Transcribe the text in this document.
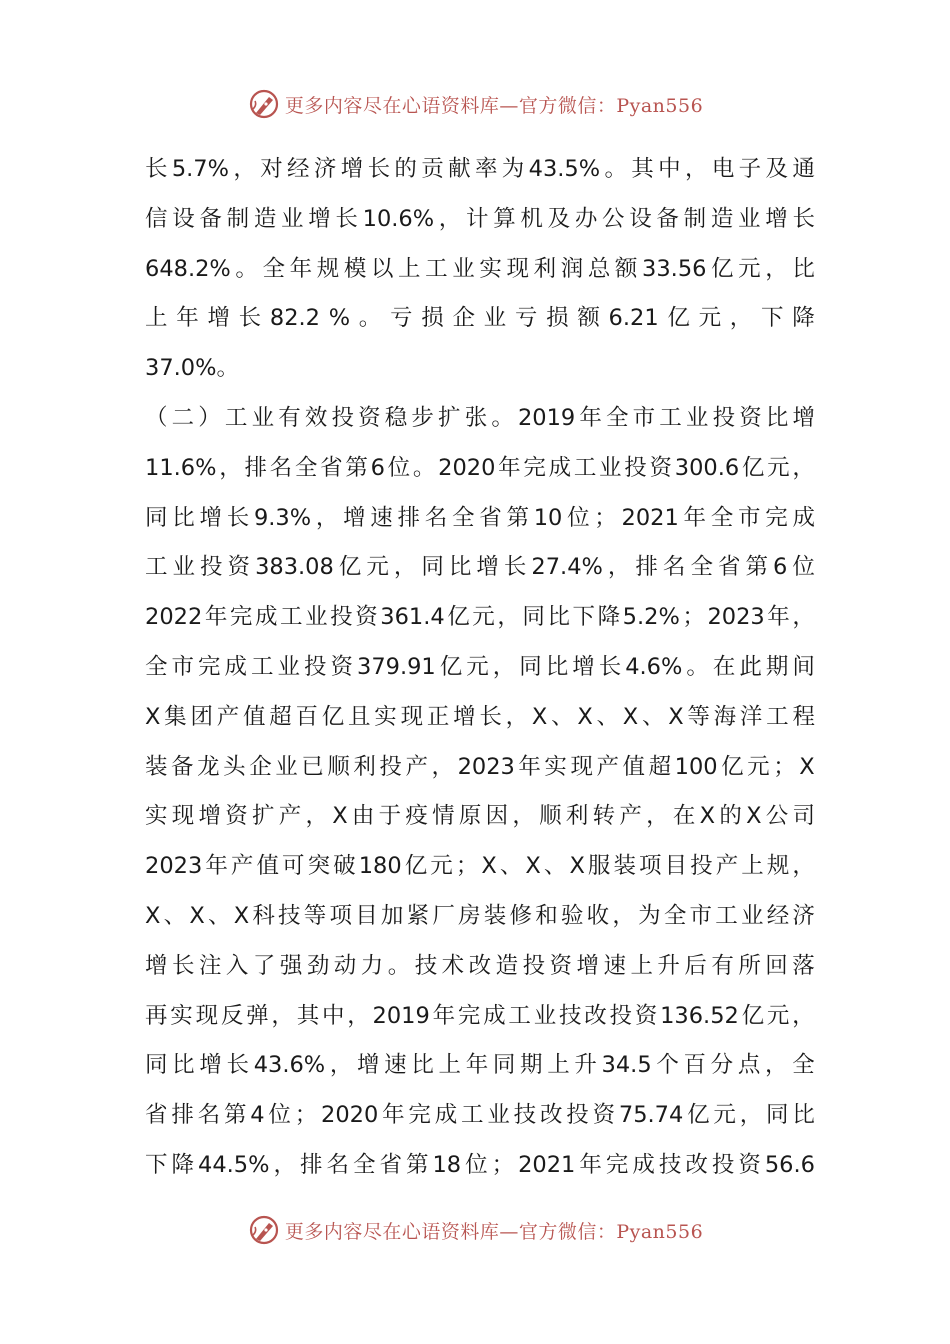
更多内容尽在心语资料库—官方微信：Pyan556
长 5.7% ， 对 经 济 增 长 的 贡 献 率 为 43.5% 。 其 中 ， 电 子 及 通
信 设 备 制 造 业 增 长 10.6% ， 计 算 机 及 办 公 设 备 制 造 业 增 长
648.2% 。 全 年 规 模 以 上 工 业 实 现 利 润 总 额 33.56 亿 元 ， 比
上 年 增 长 82.2 % 。 亏 损 企 业 亏 损 额 6.21 亿 元 ， 下 降
37.0% 。
（ 二 ） 工 业 有 效 投 资 稳 步 扩 张 。 2019 年 全 市 工 业 投 资 比 增
11.6% ， 排 名 全 省 第 6 位 。 2020 年 完 成 工 业 投 资 300.6 亿 元 ，
同 比 增 长 9.3% ， 增 速 排 名 全 省 第 10 位 ； 2021 年 全 市 完 成
工 业 投 资 383.08 亿 元 ， 同 比 增 长 27.4% ， 排 名 全 省 第 6 位
2022 年 完 成 工 业 投 资 361.4 亿 元 ， 同 比 下 降 5.2% ； 2023 年 ，
全 市 完 成 工 业 投 资 379.91 亿 元 ， 同 比 增 长 4.6% 。 在 此 期 间
X 集 团 产 值 超 百 亿 且 实 现 正 增 长 ， X 、 X 、 X 、 X 等 海 洋 工 程
装 备 龙 头 企 业 已 顺 利 投 产 ， 2023 年 实 现 产 值 超 100 亿 元 ； X
实 现 增 资 扩 产 ， X 由 于 疫 情 原 因 ， 顺 利 转 产 ， 在 X 的 X 公 司
2023 年 产 值 可 突 破 180 亿 元 ； X 、 X 、 X 服 装 项 目 投 产 上 规 ，
X 、 X 、 X 科 技 等 项 目 加 紧 厂 房 装 修 和 验 收 ， 为 全 市 工 业 经 济
增 长 注 入 了 强 劲 动 力 。 技 术 改 造 投 资 增 速 上 升 后 有 所 回 落
再 实 现 反 弹 ， 其 中 ， 2019 年 完 成 工 业 技 改 投 资 136.52 亿 元 ，
同 比 增 长 43.6% ， 增 速 比 上 年 同 期 上 升 34.5 个 百 分 点 ， 全
省 排 名 第 4 位 ； 2020 年 完 成 工 业 技 改 投 资 75.74 亿 元 ， 同 比
下 降 44.5% ， 排 名 全 省 第 18 位 ； 2021 年 完 成 技 改 投 资 56.6
更多内容尽在心语资料库—官方微信：Pyan556
